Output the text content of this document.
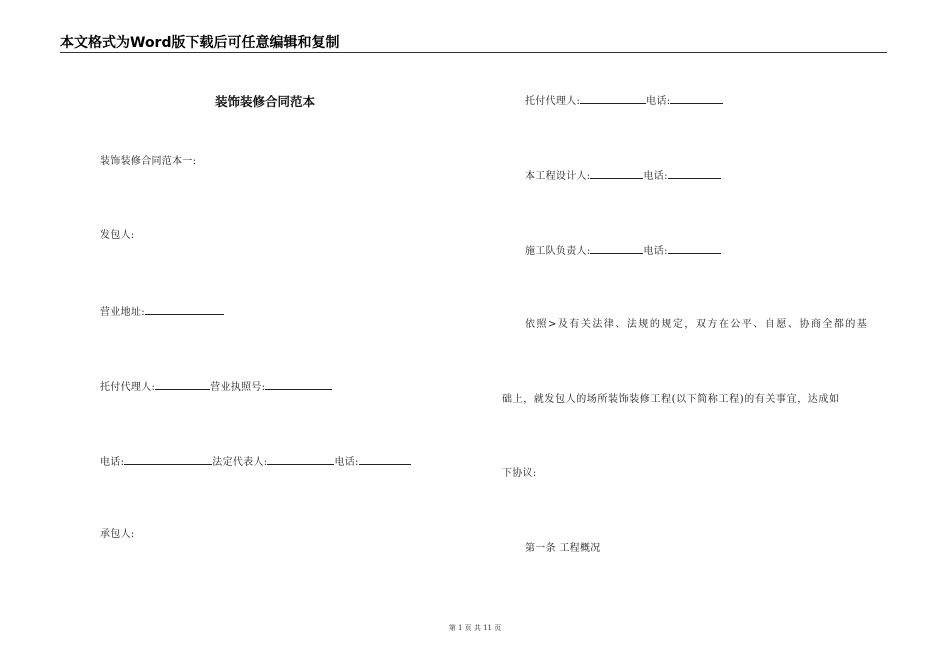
本文格式为Word版下载后可任意编辑和复制
装饰装修合同范本
装饰装修合同范本一:
发包人:
营业地址:
托付代理人:	营业执照号:
电话:	法定代表人:	电话:
承包人:
托付代理人:	电话:
本工程设计人:	电话:
施工队负责人:	电话:
依照>及有关法律、法规的规定，双方在公平、自愿、协商全都的基
础上，就发包人的场所装饰装修工程(以下简称工程)的有关事宜，达成如
下协议:
第一条 工程概况
第 1 页 共 11 页
